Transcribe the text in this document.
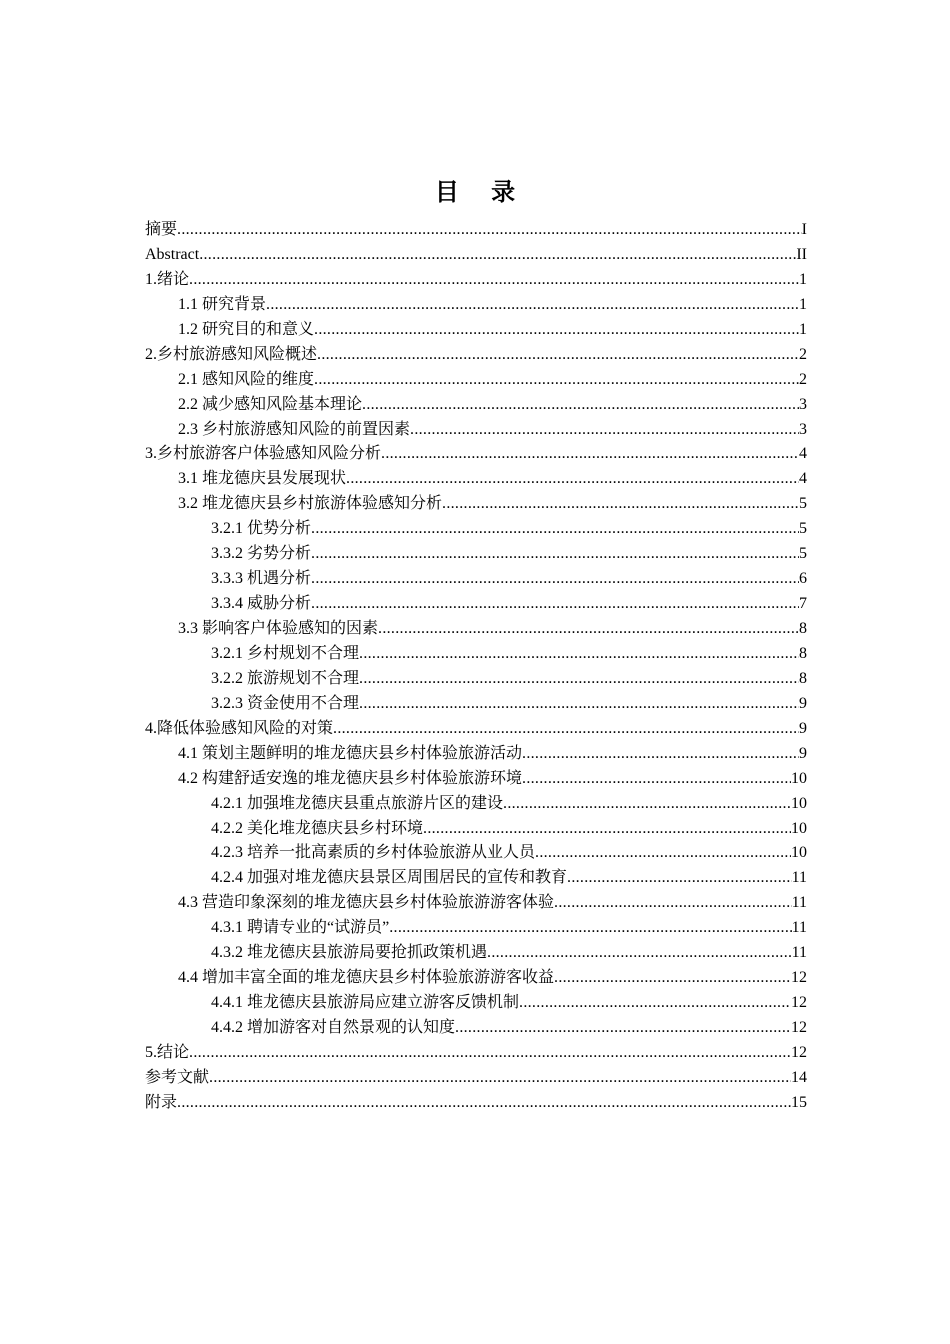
目 录
摘要 .....	I
Abstract .....	II
1.绪论 .....	1
1.1 研究背景 .....	1
1.2 研究目的和意义 .....	1
2.乡村旅游感知风险概述 .....	2
2.1 感知风险的维度 .....	2
2.2 减少感知风险基本理论 .....	3
2.3 乡村旅游感知风险的前置因素 .....	3
3.乡村旅游客户体验感知风险分析 .....	4
3.1 堆龙德庆县发展现状 .....	4
3.2 堆龙德庆县乡村旅游体验感知分析 .....	5
3.2.1 优势分析 .....	5
3.3.2 劣势分析 .....	5
3.3.3 机遇分析 .....	6
3.3.4 威胁分析 .....	7
3.3 影响客户体验感知的因素 .....	8
3.2.1 乡村规划不合理 .....	8
3.2.2 旅游规划不合理 .....	8
3.2.3 资金使用不合理 .....	9
4.降低体验感知风险的对策 .....	9
4.1 策划主题鲜明的堆龙德庆县乡村体验旅游活动 .....	9
4.2 构建舒适安逸的堆龙德庆县乡村体验旅游环境 .....	10
4.2.1 加强堆龙德庆县重点旅游片区的建设 .....	10
4.2.2 美化堆龙德庆县乡村环境 .....	10
4.2.3 培养一批高素质的乡村体验旅游从业人员 .....	10
4.2.4 加强对堆龙德庆县景区周围居民的宣传和教育 .....	11
4.3 营造印象深刻的堆龙德庆县乡村体验旅游游客体验 .....	11
4.3.1 聘请专业的“试游员” .....	11
4.3.2 堆龙德庆县旅游局要抢抓政策机遇 .....	11
4.4 增加丰富全面的堆龙德庆县乡村体验旅游游客收益 .....	12
4.4.1 堆龙德庆县旅游局应建立游客反馈机制 .....	12
4.4.2 增加游客对自然景观的认知度 .....	12
5.结论 .....	12
参考文献 .....	14
附录 .....	15
